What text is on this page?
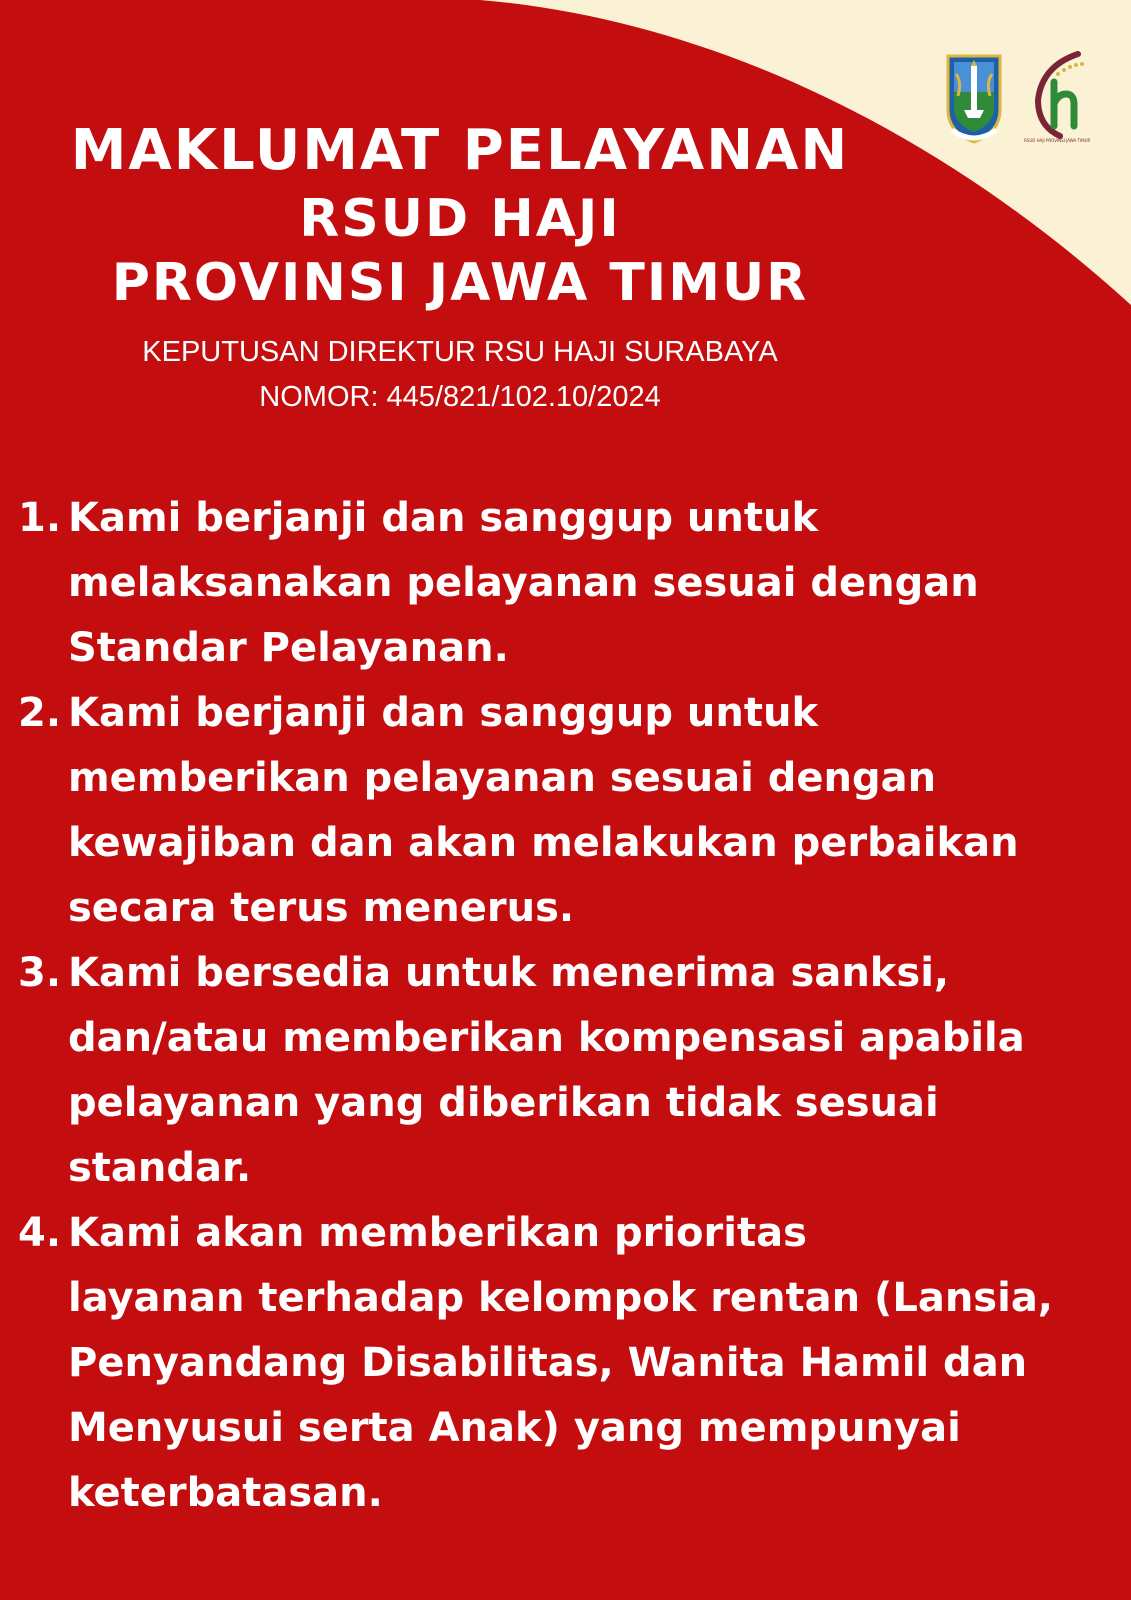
RSUD HAJI PROVINSI JAWA TIMUR
MAKLUMAT PELAYANAN
RSUD HAJI
PROVINSI JAWA TIMUR
KEPUTUSAN DIREKTUR RSU HAJI SURABAYA
NOMOR: 445/821/102.10/2024
1. Kami berjanji dan sanggup untuk
melaksanakan pelayanan sesuai dengan
Standar Pelayanan.
2. Kami berjanji dan sanggup untuk
memberikan pelayanan sesuai dengan
kewajiban dan akan melakukan perbaikan
secara terus menerus.
3. Kami bersedia untuk menerima sanksi,
dan/atau memberikan kompensasi apabila
pelayanan yang diberikan tidak sesuai
standar.
4. Kami akan memberikan prioritas
layanan terhadap kelompok rentan (Lansia,
Penyandang Disabilitas, Wanita Hamil dan
Menyusui serta Anak) yang mempunyai
keterbatasan.
